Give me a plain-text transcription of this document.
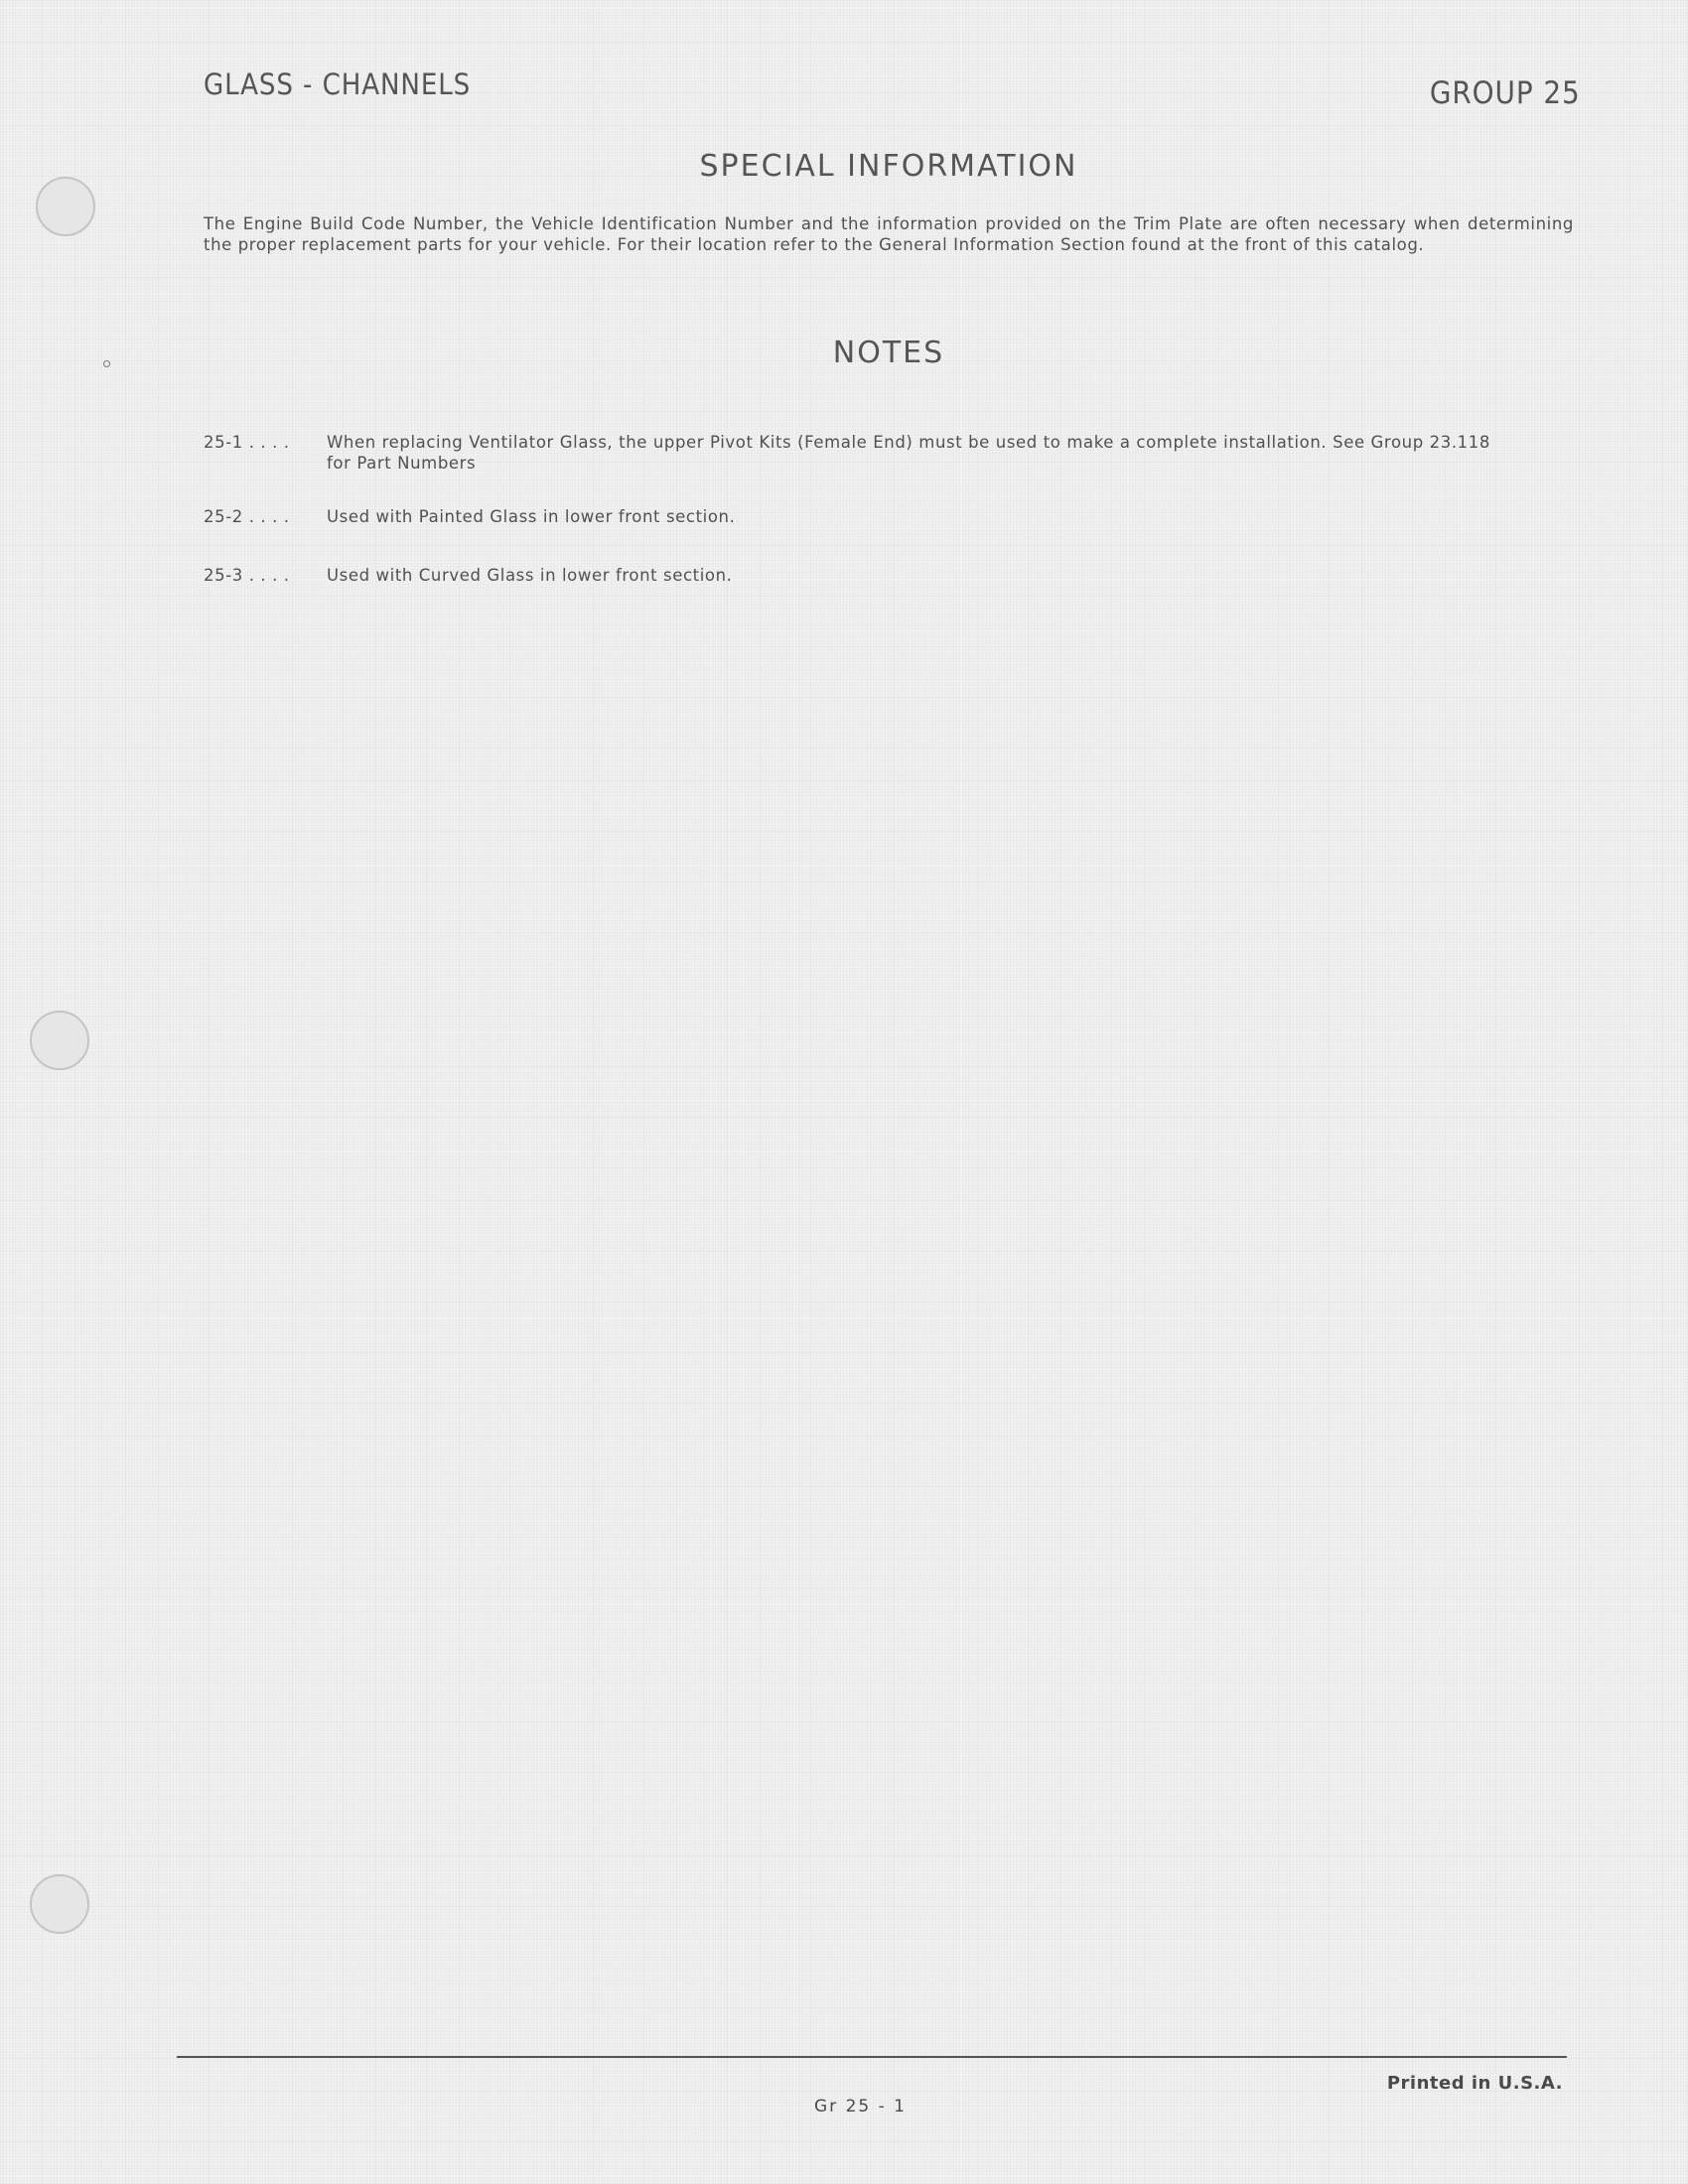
GLASS - CHANNELS	GROUP 25
SPECIAL INFORMATION
The Engine Build Code Number, the Vehicle Identification Number and the information provided on the Trim Plate are often necessary when determining the proper replacement parts for your vehicle. For their location refer to the General Information Section found at the front of this catalog.
NOTES
25-1 . . . . When replacing Ventilator Glass, the upper Pivot Kits (Female End) must be used to make a complete installation. See Group 23.118 for Part Numbers
25-2 . . . . Used with Painted Glass in lower front section.
25-3 . . . . Used with Curved Glass in lower front section.
Printed in U.S.A.
Gr 25 - 1
